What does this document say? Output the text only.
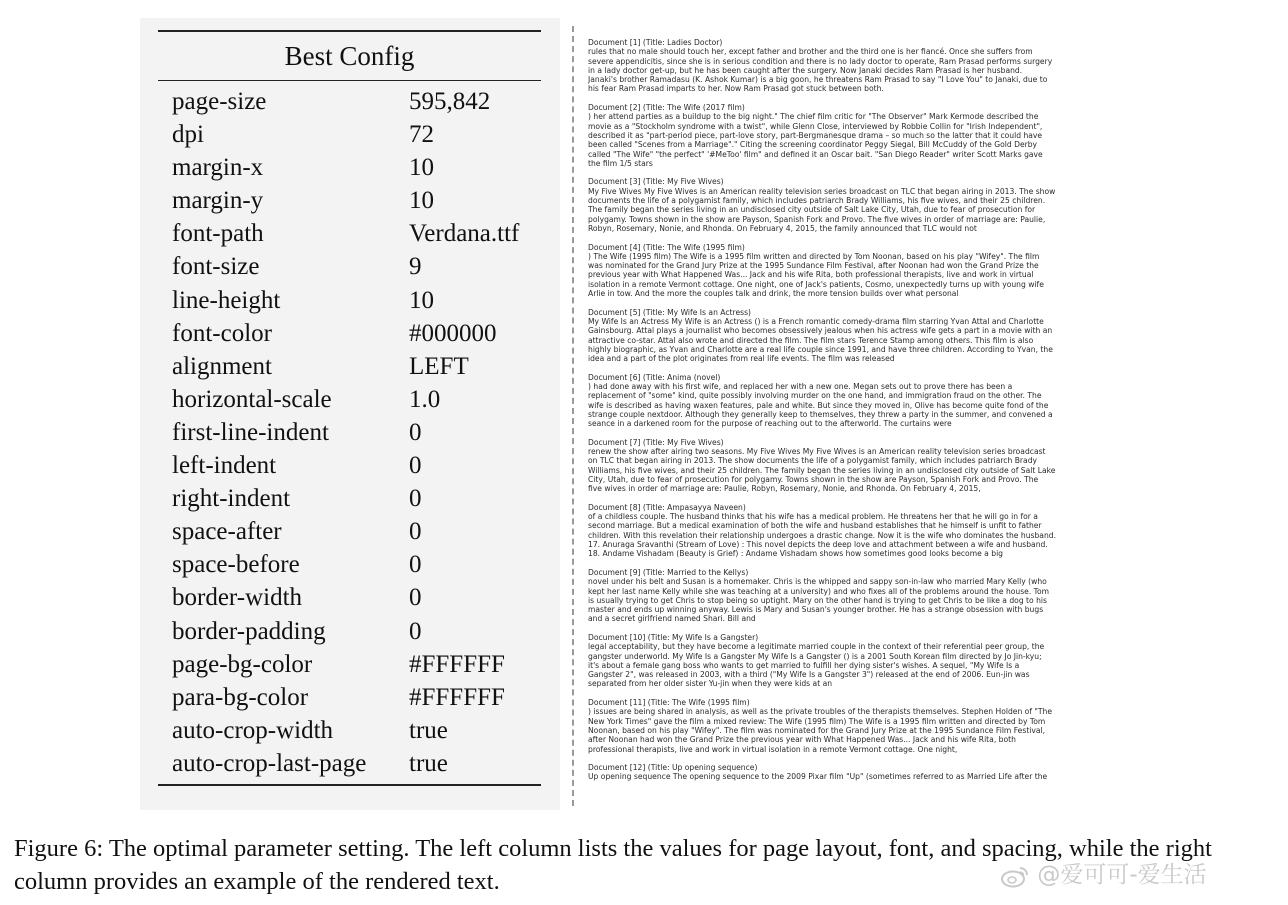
Best Config
page-size	595,842
dpi	72
margin-x	10
margin-y	10
font-path	Verdana.ttf
font-size	9
line-height	10
font-color	#000000
alignment	LEFT
horizontal-scale	1.0
first-line-indent	0
left-indent	0
right-indent	0
space-after	0
space-before	0
border-width	0
border-padding	0
page-bg-color	#FFFFFF
para-bg-color	#FFFFFF
auto-crop-width	true
auto-crop-last-page true
Document [1] (Title: Ladies Doctor)
rules that no male should touch her, except father and brother and the third one is her fiancé. Once she suffers from
severe appendicitis, since she is in serious condition and there is no lady doctor to operate, Ram Prasad performs surgery
in a lady doctor get-up, but he has been caught after the surgery. Now Janaki decides Ram Prasad is her husband.
Janaki's brother Ramadasu (K. Ashok Kumar) is a big goon, he threatens Ram Prasad to say "I Love You" to Janaki, due to
his fear Ram Prasad imparts to her. Now Ram Prasad got stuck between both.
Document [2] (Title: The Wife (2017 film)
) her attend parties as a buildup to the big night." The chief film critic for "The Observer" Mark Kermode described the
movie as a "Stockholm syndrome with a twist", while Glenn Close, interviewed by Robbie Collin for "Irish Independent",
described it as "part-period piece, part-love story, part-Bergmanesque drama – so much so the latter that it could have
been called "Scenes from a Marriage"." Citing the screening coordinator Peggy Siegal, Bill McCuddy of the Gold Derby
called "The Wife" "the perfect" '#MeToo' film" and defined it an Oscar bait. "San Diego Reader" writer Scott Marks gave
the film 1/5 stars
Document [3] (Title: My Five Wives)
My Five Wives My Five Wives is an American reality television series broadcast on TLC that began airing in 2013. The show
documents the life of a polygamist family, which includes patriarch Brady Williams, his five wives, and their 25 children.
The family began the series living in an undisclosed city outside of Salt Lake City, Utah, due to fear of prosecution for
polygamy. Towns shown in the show are Payson, Spanish Fork and Provo. The five wives in order of marriage are: Paulie,
Robyn, Rosemary, Nonie, and Rhonda. On February 4, 2015, the family announced that TLC would not
Document [4] (Title: The Wife (1995 film)
) The Wife (1995 film) The Wife is a 1995 film written and directed by Tom Noonan, based on his play "Wifey". The film
was nominated for the Grand Jury Prize at the 1995 Sundance Film Festival, after Noonan had won the Grand Prize the
previous year with What Happened Was... Jack and his wife Rita, both professional therapists, live and work in virtual
isolation in a remote Vermont cottage. One night, one of Jack's patients, Cosmo, unexpectedly turns up with young wife
Arlie in tow. And the more the couples talk and drink, the more tension builds over what personal
Document [5] (Title: My Wife Is an Actress)
My Wife Is an Actress My Wife is an Actress () is a French romantic comedy-drama film starring Yvan Attal and Charlotte
Gainsbourg. Attal plays a journalist who becomes obsessively jealous when his actress wife gets a part in a movie with an
attractive co-star. Attal also wrote and directed the film. The film stars Terence Stamp among others. This film is also
highly biographic, as Yvan and Charlotte are a real life couple since 1991, and have three children. According to Yvan, the
idea and a part of the plot originates from real life events. The film was released
Document [6] (Title: Anima (novel)
) had done away with his first wife, and replaced her with a new one. Megan sets out to prove there has been a
replacement of "some" kind, quite possibly involving murder on the one hand, and immigration fraud on the other. The
wife is described as having waxen features, pale and white. But since they moved in, Olive has become quite fond of the
strange couple nextdoor. Although they generally keep to themselves, they threw a party in the summer, and convened a
seance in a darkened room for the purpose of reaching out to the afterworld. The curtains were
Document [7] (Title: My Five Wives)
renew the show after airing two seasons. My Five Wives My Five Wives is an American reality television series broadcast
on TLC that began airing in 2013. The show documents the life of a polygamist family, which includes patriarch Brady
Williams, his five wives, and their 25 children. The family began the series living in an undisclosed city outside of Salt Lake
City, Utah, due to fear of prosecution for polygamy. Towns shown in the show are Payson, Spanish Fork and Provo. The
five wives in order of marriage are: Paulie, Robyn, Rosemary, Nonie, and Rhonda. On February 4, 2015,
Document [8] (Title: Ampasayya Naveen)
of a childless couple. The husband thinks that his wife has a medical problem. He threatens her that he will go in for a
second marriage. But a medical examination of both the wife and husband establishes that he himself is unfit to father
children. With this revelation their relationship undergoes a drastic change. Now it is the wife who dominates the husband.
17. Anuraga Sravanthi (Stream of Love) : This novel depicts the deep love and attachment between a wife and husband.
18. Andame Vishadam (Beauty is Grief) : Andame Vishadam shows how sometimes good looks become a big
Document [9] (Title: Married to the Kellys)
novel under his belt and Susan is a homemaker. Chris is the whipped and sappy son-in-law who married Mary Kelly (who
kept her last name Kelly while she was teaching at a university) and who fixes all of the problems around the house. Tom
is usually trying to get Chris to stop being so uptight. Mary on the other hand is trying to get Chris to be like a dog to his
master and ends up winning anyway. Lewis is Mary and Susan's younger brother. He has a strange obsession with bugs
and a secret girlfriend named Shari. Bill and
Document [10] (Title: My Wife Is a Gangster)
legal acceptability, but they have become a legitimate married couple in the context of their referential peer group, the
gangster underworld. My Wife Is a Gangster My Wife Is a Gangster () is a 2001 South Korean film directed by Jo Jin-kyu;
it's about a female gang boss who wants to get married to fulfill her dying sister's wishes. A sequel, "My Wife Is a
Gangster 2", was released in 2003, with a third ("My Wife Is a Gangster 3") released at the end of 2006. Eun-jin was
separated from her older sister Yu-jin when they were kids at an
Document [11] (Title: The Wife (1995 film)
) issues are being shared in analysis, as well as the private troubles of the therapists themselves. Stephen Holden of "The
New York Times" gave the film a mixed review: The Wife (1995 film) The Wife is a 1995 film written and directed by Tom
Noonan, based on his play "Wifey". The film was nominated for the Grand Jury Prize at the 1995 Sundance Film Festival,
after Noonan had won the Grand Prize the previous year with What Happened Was... Jack and his wife Rita, both
professional therapists, live and work in virtual isolation in a remote Vermont cottage. One night,
Document [12] (Title: Up opening sequence)
Up opening sequence The opening sequence to the 2009 Pixar film "Up" (sometimes referred to as Married Life after the
Figure 6: The optimal parameter setting. The left column lists the values for page layout, font, and spacing, while the right column provides an example of the rendered text.	@爱可可-爱生活
